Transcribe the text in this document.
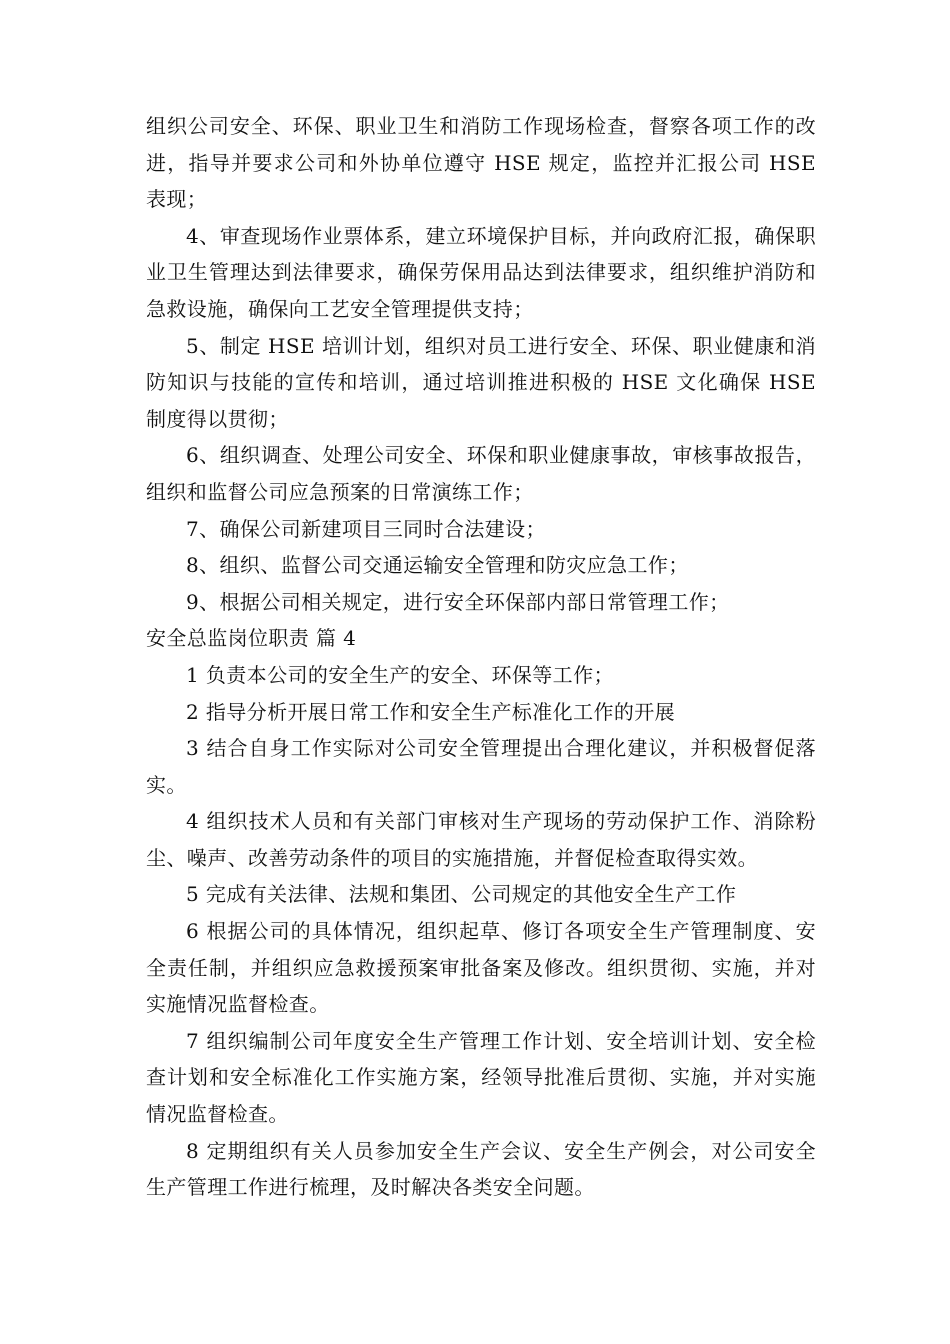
组织公司安全、环保、职业卫生和消防工作现场检查，督察各项工作的改进，指导并要求公司和外协单位遵守 HSE 规定，监控并汇报公司 HSE 表现；

4、审查现场作业票体系，建立环境保护目标，并向政府汇报，确保职业卫生管理达到法律要求，确保劳保用品达到法律要求，组织维护消防和急救设施，确保向工艺安全管理提供支持；

5、制定 HSE 培训计划，组织对员工进行安全、环保、职业健康和消防知识与技能的宣传和培训，通过培训推进积极的 HSE 文化确保 HSE 制度得以贯彻；

6、组织调查、处理公司安全、环保和职业健康事故，审核事故报告，组织和监督公司应急预案的日常演练工作；

7、确保公司新建项目三同时合法建设；

8、组织、监督公司交通运输安全管理和防灾应急工作；

9、根据公司相关规定，进行安全环保部内部日常管理工作；

安全总监岗位职责 篇 4

1 负责本公司的安全生产的安全、环保等工作；

2 指导分析开展日常工作和安全生产标准化工作的开展

3 结合自身工作实际对公司安全管理提出合理化建议，并积极督促落实。

4 组织技术人员和有关部门审核对生产现场的劳动保护工作、消除粉尘、噪声、改善劳动条件的项目的实施措施，并督促检查取得实效。

5 完成有关法律、法规和集团、公司规定的其他安全生产工作

6 根据公司的具体情况，组织起草、修订各项安全生产管理制度、安全责任制，并组织应急救援预案审批备案及修改。组织贯彻、实施，并对实施情况监督检查。

7 组织编制公司年度安全生产管理工作计划、安全培训计划、安全检查计划和安全标准化工作实施方案，经领导批准后贯彻、实施，并对实施情况监督检查。

8 定期组织有关人员参加安全生产会议、安全生产例会，对公司安全生产管理工作进行梳理，及时解决各类安全问题。
